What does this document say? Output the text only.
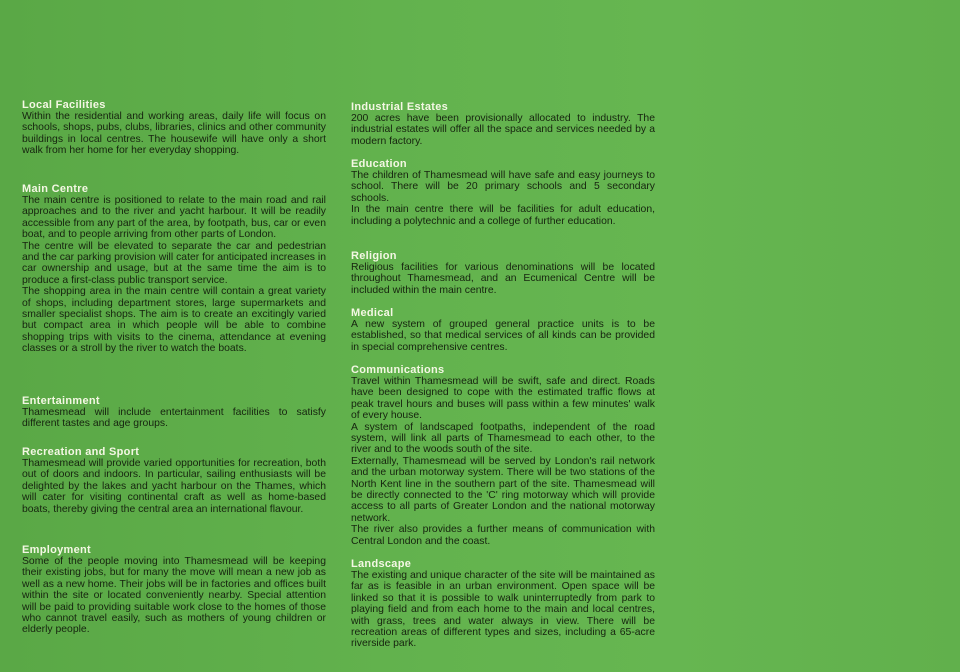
Local Facilities

Within the residential and working areas, daily life will focus on schools, shops, pubs, clubs, libraries, clinics and other community buildings in local centres. The housewife will have only a short walk from her home for her everyday shopping.

Main Centre

The main centre is positioned to relate to the main road and rail approaches and to the river and yacht harbour. It will be readily accessible from any part of the area, by footpath, bus, car or even boat, and to people arriving from other parts of London.

The centre will be elevated to separate the car and pedestrian and the car parking provision will cater for anticipated increases in car ownership and usage, but at the same time the aim is to produce a first-class public transport service.

The shopping area in the main centre will contain a great variety of shops, including department stores, large supermarkets and smaller specialist shops. The aim is to create an excitingly varied but compact area in which people will be able to combine shopping trips with visits to the cinema, attendance at evening classes or a stroll by the river to watch the boats.

Entertainment

Thamesmead will include entertainment facilities to satisfy different tastes and age groups.

Recreation and Sport

Thamesmead will provide varied opportunities for recreation, both out of doors and indoors. In particular, sailing enthusiasts will be delighted by the lakes and yacht harbour on the Thames, which will cater for visiting continental craft as well as home-based boats, thereby giving the central area an international flavour.

Employment

Some of the people moving into Thamesmead will be keeping their existing jobs, but for many the move will mean a new job as well as a new home. Their jobs will be in factories and offices built within the site or located conveniently nearby. Special attention will be paid to providing suitable work close to the homes of those who cannot travel easily, such as mothers of young children or elderly people.

Industrial Estates

200 acres have been provisionally allocated to industry. The industrial estates will offer all the space and services needed by a modern factory.

Education

The children of Thamesmead will have safe and easy journeys to school. There will be 20 primary schools and 5 secondary schools.

In the main centre there will be facilities for adult education, including a polytechnic and a college of further education.

Religion

Religious facilities for various denominations will be located throughout Thamesmead, and an Ecumenical Centre will be included within the main centre.

Medical

A new system of grouped general practice units is to be established, so that medical services of all kinds can be provided in special comprehensive centres.

Communications

Travel within Thamesmead will be swift, safe and direct. Roads have been designed to cope with the estimated traffic flows at peak travel hours and buses will pass within a few minutes' walk of every house.

A system of landscaped footpaths, independent of the road system, will link all parts of Thamesmead to each other, to the river and to the woods south of the site.

Externally, Thamesmead will be served by London's rail network and the urban motorway system. There will be two stations of the North Kent line in the southern part of the site. Thamesmead will be directly connected to the 'C' ring motorway which will provide access to all parts of Greater London and the national motorway network.

The river also provides a further means of communication with Central London and the coast.

Landscape

The existing and unique character of the site will be maintained as far as is feasible in an urban environment. Open space will be linked so that it is possible to walk uninterruptedly from park to playing field and from each home to the main and local centres, with grass, trees and water always in view. There will be recreation areas of different types and sizes, including a 65-acre riverside park.
